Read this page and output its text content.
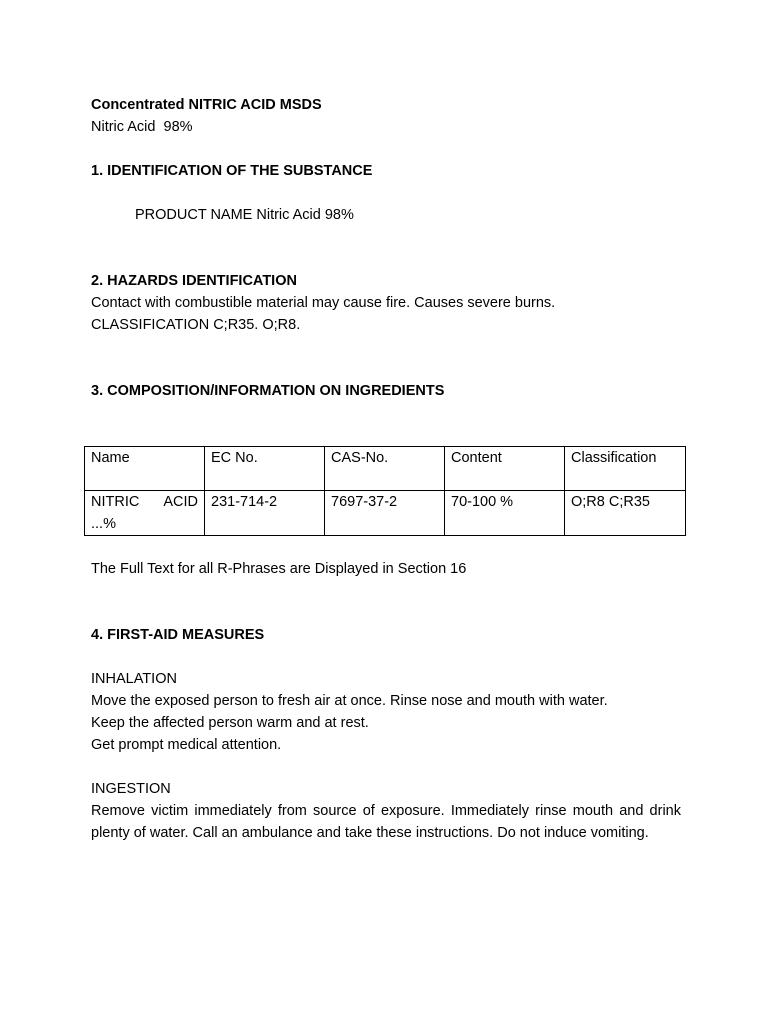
Concentrated NITRIC ACID MSDS
Nitric Acid  98%
1. IDENTIFICATION OF THE SUBSTANCE
PRODUCT NAME Nitric Acid 98%
2. HAZARDS IDENTIFICATION
Contact with combustible material may cause fire. Causes severe burns.
CLASSIFICATION C;R35. O;R8.
3. COMPOSITION/INFORMATION ON INGREDIENTS
Name	EC No.	CAS-No.	Content	Classification

NITRIC ACID ...%	231-714-2	7697-37-2	70-100 %	O;R8 C;R35
The Full Text for all R-Phrases are Displayed in Section 16
4. FIRST-AID MEASURES
INHALATION
Move the exposed person to fresh air at once. Rinse nose and mouth with water.
Keep the affected person warm and at rest.
Get prompt medical attention.
INGESTION
Remove victim immediately from source of exposure. Immediately rinse mouth and drink plenty of water. Call an ambulance and take these instructions. Do not induce vomiting.
